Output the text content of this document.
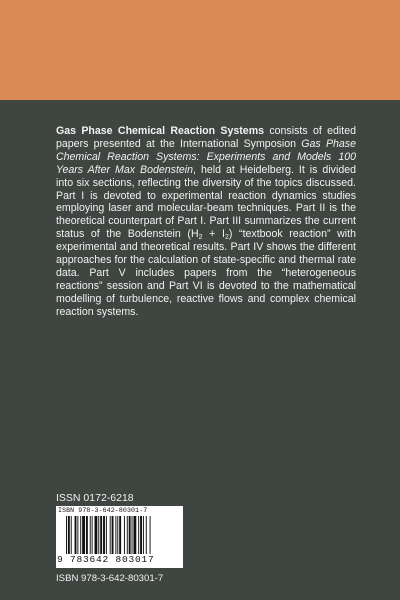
Gas Phase Chemical Reaction Systems consists of edited papers presented at the International Symposion Gas Phase Chemical Reaction Systems: Experiments and Models 100 Years After Max Bodenstein, held at Heidelberg. It is divided into six sections, reflecting the diversity of the topics discussed. Part I is devoted to experimental reaction dynamics studies employing laser and molecular-beam techniques. Part II is the theoretical counterpart of Part I. Part III summarizes the current status of the Bodenstein $(H_2 + I_2)$ “textbook reaction” with experimental and theoretical results. Part IV shows the different approaches for the calculation of state-specific and thermal rate data. Part V includes papers from the “heterogeneous reactions” session and Part VI is devoted to the mathematical modelling of turbulence, reactive flows and complex chemical reaction systems.
ISSN 0172-6218
ISBN 978-3-642-80301-7
9 783642 803017
ISBN 978-3-642-80301-7
